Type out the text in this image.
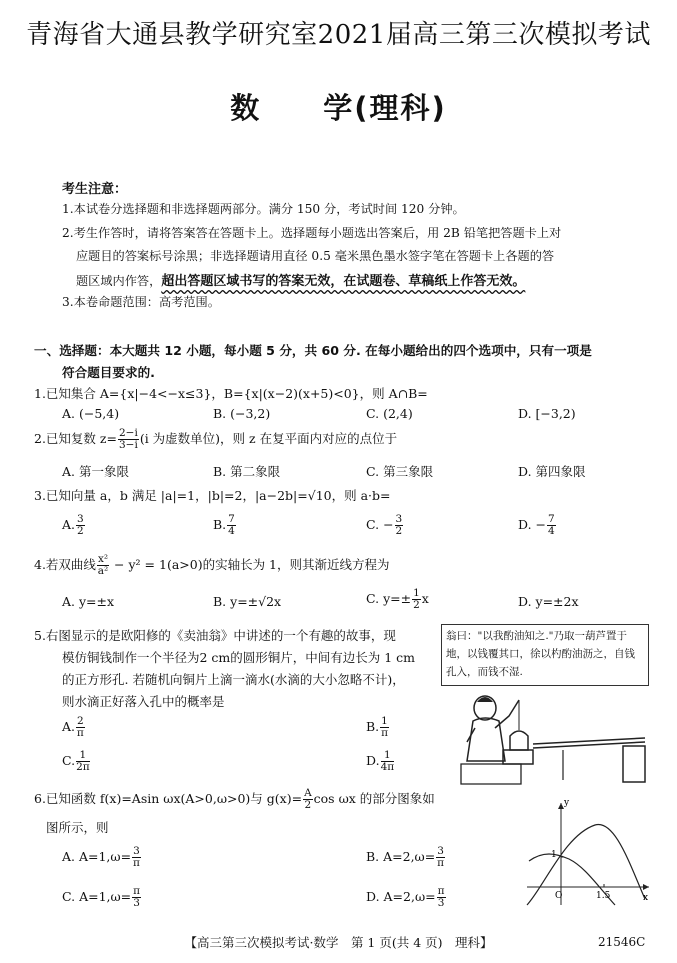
青海省大通县教学研究室2021届高三第三次模拟考试
数　　学(理科)
考生注意：
1.本试卷分选择题和非选择题两部分。满分 150 分，考试时间 120 分钟。
2.考生作答时，请将答案答在答题卡上。选择题每小题选出答案后，用 2B 铅笔把答题卡上对
应题目的答案标号涂黑；非选择题请用直径 0.5 毫米黑色墨水签字笔在答题卡上各题的答
题区域内作答，超出答题区域书写的答案无效，在试题卷、草稿纸上作答无效。
3.本卷命题范围：高考范围。
一、选择题：本大题共 12 小题，每小题 5 分，共 60 分. 在每小题给出的四个选项中，只有一项是
符合题目要求的.
1.已知集合 A={x|−4<−x≤3}，B={x|(x−2)(x+5)<0}，则 A∩B=
A. (−5,4)	B. (−3,2)	C. (2,4)	D. [−3,2)
2.已知复数 $z= \frac{2-i}{3-i} (i$ 为虚数单位)，则 z 在复平面内对应的点位于
A. 第一象限	B. 第二象限	C. 第三象限	D. 第四象限
3.已知向量 a，b 满足 |a|=1，|b|=2，|a−2b|=√10，则 a·b=
A. $\frac{3}{2}$	B. $\frac{7}{4}$	C. − $\frac{3}{2}$	D. − $\frac{7}{4}$
4.若双曲线 $\frac{\text{x²}}{\text{a²}} - y^2 = 1(a>0)$的实轴长为 1，则其渐近线方程为
A. y=±x	B. y=±√2x	C. $y=\pm \frac{1}{2}$ x	D. y=±2x
5.右图显示的是欧阳修的《卖油翁》中讲述的一个有趣的故事，现
模仿铜钱制作一个半径为2 cm的圆形铜片，中间有边长为 1 cm
的正方形孔. 若随机向铜片上滴一滴水(水滴的大小忽略不计)，
则水滴正好落入孔中的概率是
翁曰："以我酌油知之."乃取一葫芦置于地，以钱覆其口，徐以杓酌油沥之，自钱孔入，而钱不湿.
A. $\frac{2}{\pi}$	B. $\frac{1}{\pi}$
C. $\frac{1}{2\pi}$	D. $\frac{1}{4\pi}$
6.已知函数 f(x)=Asin ωx(A>0,ω>0)与 $g(x)= \frac{A}{2}$ cos ωx 的部分图象如
图所示，则
A. $A=1,\omega= \frac{3}{\pi}$	B. $A=2,\omega= \frac{3}{\pi}$
C. $A=1,\omega= \frac{\pi}{3}$	D. $A=2,\omega= \frac{\pi}{3}$
y
x
O
1
1.5
【高三第三次模拟考试·数学　第 1 页(共 4 页)　理科】	21546C
